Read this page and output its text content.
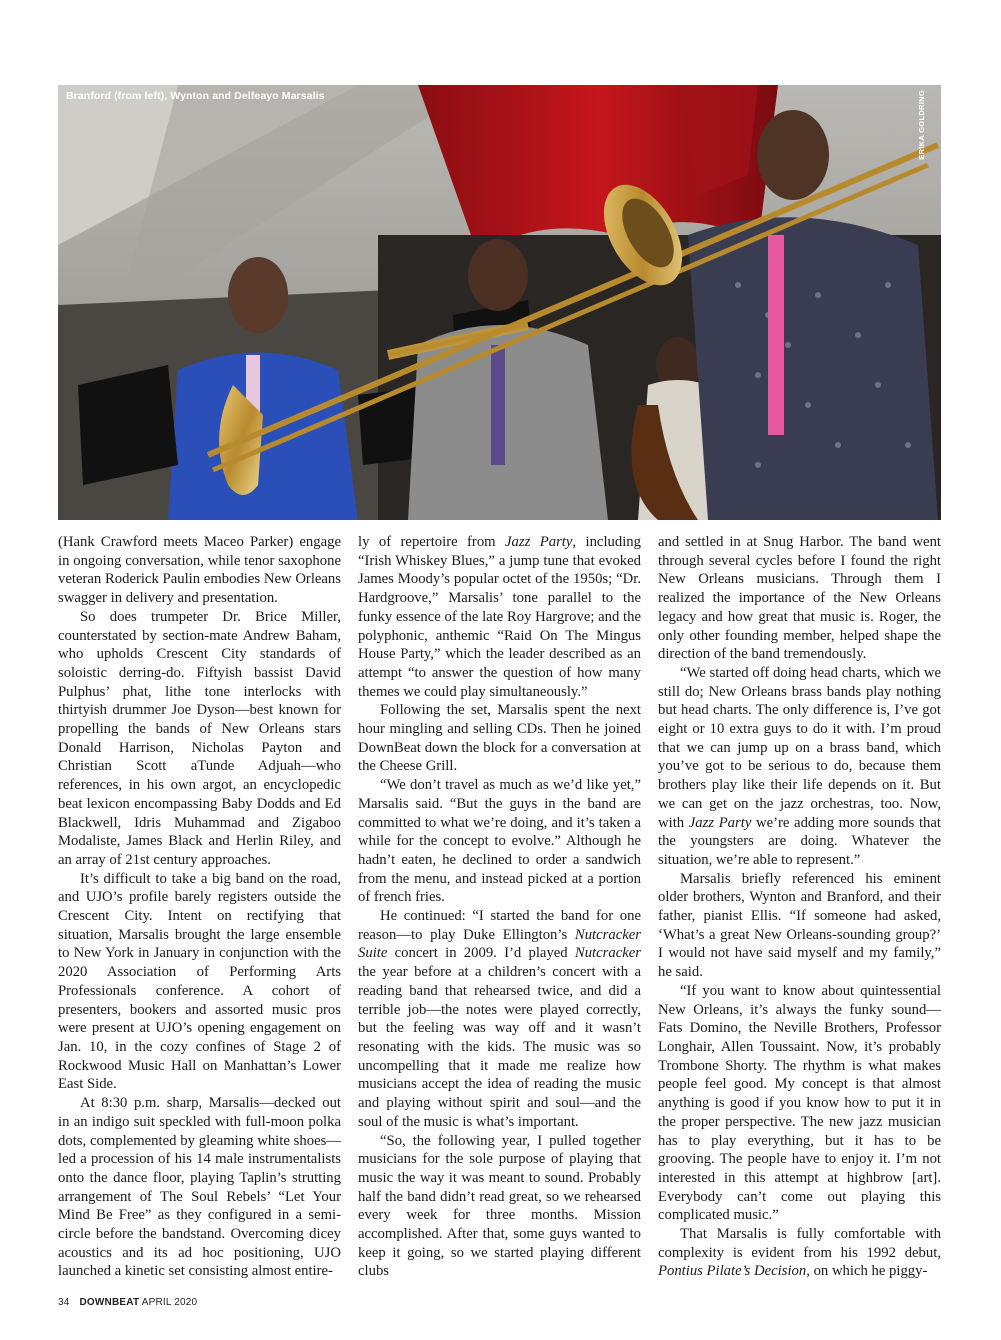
Branford (from left), Wynton and Delfeayo Marsalis	ERIKA GOLDRING

(Hank Crawford meets Maceo Parker) engage in ongoing conversation, while tenor saxophone veteran Roderick Paulin embodies New Orleans swagger in delivery and presentation.

So does trumpeter Dr. Brice Miller, counterstated by section-mate Andrew Baham, who upholds Crescent City standards of soloistic derring-do. Fiftyish bassist David Pulphus’ phat, lithe tone interlocks with thirtyish drummer Joe Dyson—best known for propelling the bands of New Orleans stars Donald Harrison, Nicholas Payton and Christian Scott aTunde Adjuah—who references, in his own argot, an encyclopedic beat lexicon encompassing Baby Dodds and Ed Blackwell, Idris Muhammad and Zigaboo Modaliste, James Black and Herlin Riley, and an array of 21st century approaches.

It’s difficult to take a big band on the road, and UJO’s profile barely registers outside the Crescent City. Intent on rectifying that situation, Marsalis brought the large ensemble to New York in January in conjunction with the 2020 Association of Performing Arts Professionals conference. A cohort of presenters, bookers and assorted music pros were present at UJO’s opening engagement on Jan. 10, in the cozy confines of Stage 2 of Rockwood Music Hall on Manhattan’s Lower East Side.

At 8:30 p.m. sharp, Marsalis—decked out in an indigo suit speckled with full-moon polka dots, complemented by gleaming white shoes—led a procession of his 14 male instrumentalists onto the dance floor, playing Taplin’s strutting arrangement of The Soul Rebels’ “Let Your Mind Be Free” as they configured in a semi-circle before the bandstand. Overcoming dicey acoustics and its ad hoc positioning, UJO launched a kinetic set consisting almost entire-

ly of repertoire from Jazz Party, including “Irish Whiskey Blues,” a jump tune that evoked James Moody’s popular octet of the 1950s; “Dr. Hardgroove,” Marsalis’ tone parallel to the funky essence of the late Roy Hargrove; and the polyphonic, anthemic “Raid On The Mingus House Party,” which the leader described as an attempt “to answer the question of how many themes we could play simultaneously.”

Following the set, Marsalis spent the next hour mingling and selling CDs. Then he joined DownBeat down the block for a conversation at the Cheese Grill.

“We don’t travel as much as we’d like yet,” Marsalis said. “But the guys in the band are committed to what we’re doing, and it’s taken a while for the concept to evolve.” Although he hadn’t eaten, he declined to order a sandwich from the menu, and instead picked at a portion of french fries.

He continued: “I started the band for one reason—to play Duke Ellington’s Nutcracker Suite concert in 2009. I’d played Nutcracker the year before at a children’s concert with a reading band that rehearsed twice, and did a terrible job—the notes were played correctly, but the feeling was way off and it wasn’t resonating with the kids. The music was so uncompelling that it made me realize how musicians accept the idea of reading the music and playing without spirit and soul—and the soul of the music is what’s important.

“So, the following year, I pulled together musicians for the sole purpose of playing that music the way it was meant to sound. Probably half the band didn’t read great, so we rehearsed every week for three months. Mission accomplished. After that, some guys wanted to keep it going, so we started playing different clubs

and settled in at Snug Harbor. The band went through several cycles before I found the right New Orleans musicians. Through them I realized the importance of the New Orleans legacy and how great that music is. Roger, the only other founding member, helped shape the direction of the band tremendously.

“We started off doing head charts, which we still do; New Orleans brass bands play nothing but head charts. The only difference is, I’ve got eight or 10 extra guys to do it with. I’m proud that we can jump up on a brass band, which you’ve got to be serious to do, because them brothers play like their life depends on it. But we can get on the jazz orchestras, too. Now, with Jazz Party we’re adding more sounds that the youngsters are doing. Whatever the situation, we’re able to represent.”

Marsalis briefly referenced his eminent older brothers, Wynton and Branford, and their father, pianist Ellis. “If someone had asked, ‘What’s a great New Orleans-sounding group?’ I would not have said myself and my family,” he said.

“If you want to know about quintessential New Orleans, it’s always the funky sound—Fats Domino, the Neville Brothers, Professor Longhair, Allen Toussaint. Now, it’s probably Trombone Shorty. The rhythm is what makes people feel good. My concept is that almost anything is good if you know how to put it in the proper perspective. The new jazz musician has to play everything, but it has to be grooving. The people have to enjoy it. I’m not interested in this attempt at highbrow [art]. Everybody can’t come out playing this complicated music.”

That Marsalis is fully comfortable with complexity is evident from his 1992 debut, Pontius Pilate’s Decision, on which he piggy-

34 DOWNBEAT APRIL 2020
